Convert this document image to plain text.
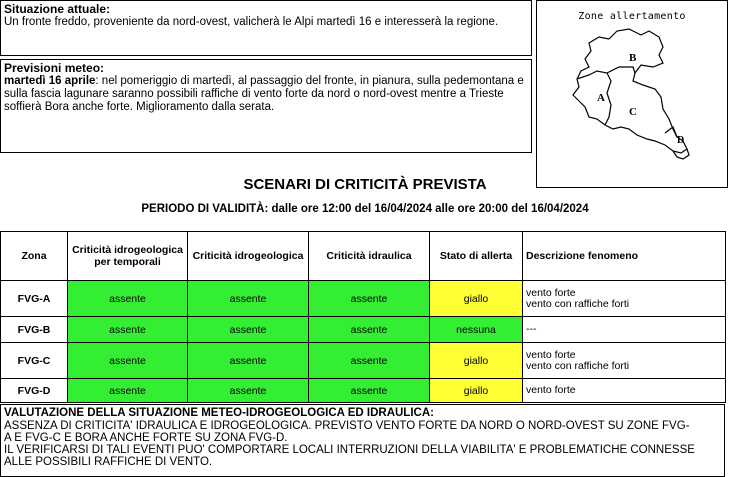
Situazione attuale:
Un fronte freddo, proveniente da nord-ovest, valicherà le Alpi martedì 16 e interesserà la regione.
Previsioni meteo:
martedì 16 aprile: nel pomeriggio di martedì, al passaggio del fronte, in pianura, sulla pedemontana e sulla fascia lagunare saranno possibili raffiche di vento forte da nord o nord-ovest mentre a Trieste soffierà Bora anche forte. Miglioramento dalla serata.
Zone allertamento
A
B
C
D
SCENARI DI CRITICITÀ PREVISTA
PERIODO DI VALIDITÀ: dalle ore 12:00 del 16/04/2024 alle ore 20:00 del 16/04/2024
Zona	Criticità idrogeologica per temporali	Criticità idrogeologica	Criticità idraulica	Stato di allerta	Descrizione fenomeno
FVG-A	assente	assente	assente	giallo	vento forte
vento con raffiche forti

FVG-B	assente	assente	assente	nessuna	---

FVG-C	assente	assente	assente	giallo	vento forte
vento con raffiche forti

FVG-D	assente	assente	assente	giallo	vento forte
VALUTAZIONE DELLA SITUAZIONE METEO-IDROGEOLOGICA ED IDRAULICA:
ASSENZA DI CRITICITA' IDRAULICA E IDROGEOLOGICA. PREVISTO VENTO FORTE DA NORD O NORD-OVEST SU ZONE FVG-
A E FVG-C E BORA ANCHE FORTE SU ZONA FVG-D.
IL VERIFICARSI DI TALI EVENTI PUO' COMPORTARE LOCALI INTERRUZIONI DELLA VIABILITA' E PROBLEMATICHE CONNESSE
ALLE POSSIBILI RAFFICHE DI VENTO.
